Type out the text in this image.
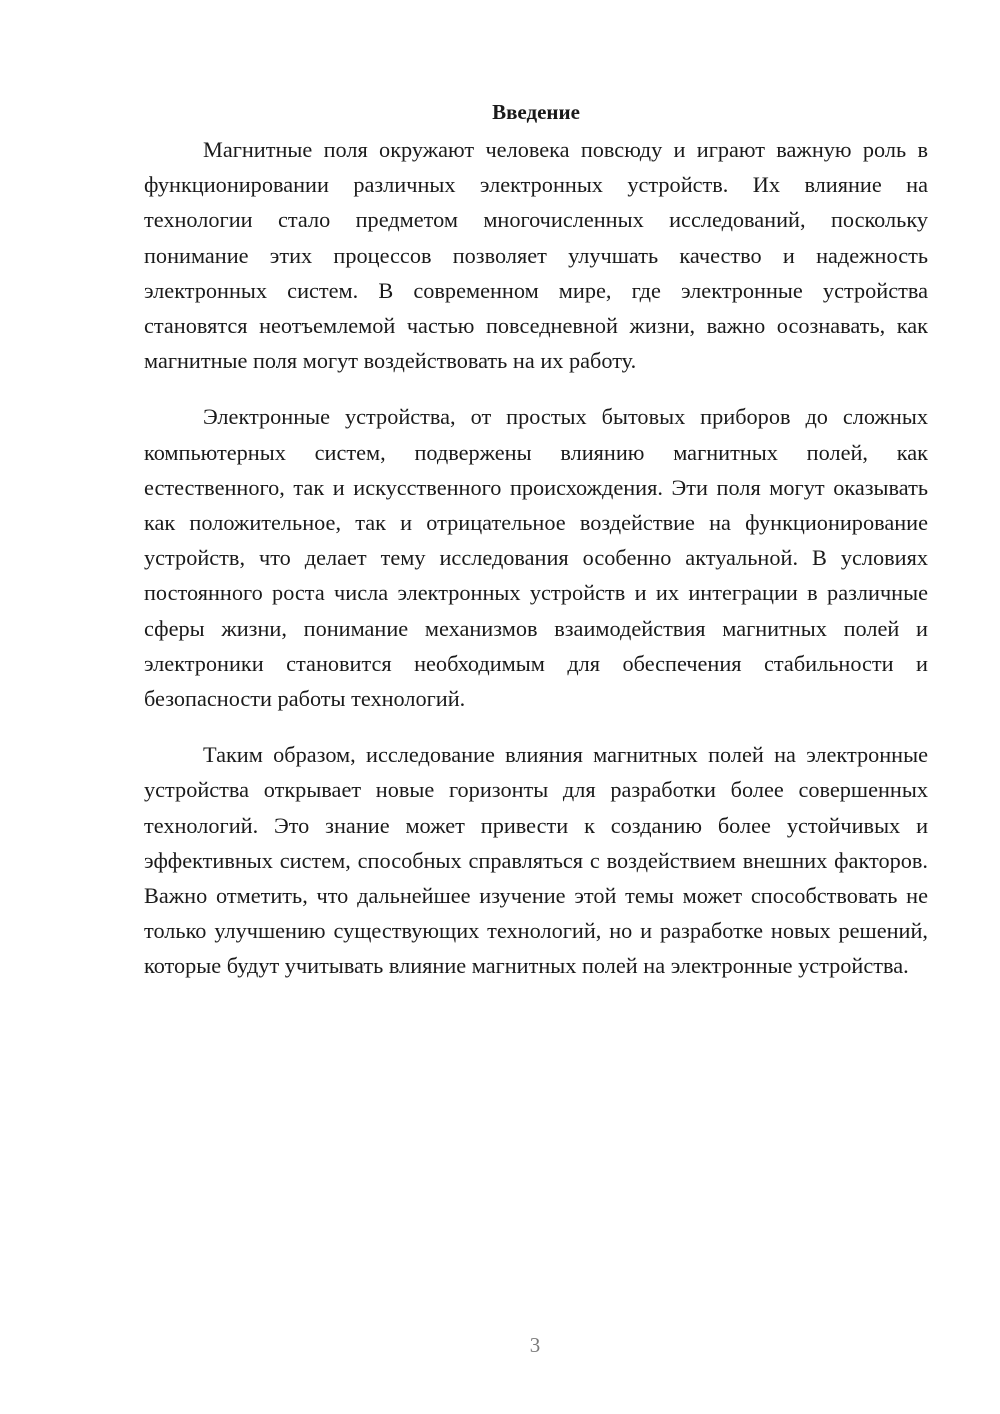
Введение

Магнитные поля окружают человека повсюду и играют важную роль в функционировании различных электронных устройств. Их влияние на технологии стало предметом многочисленных исследований, поскольку понимание этих процессов позволяет улучшать качество и надежность электронных систем. В современном мире, где электронные устройства становятся неотъемлемой частью повседневной жизни, важно осознавать, как магнитные поля могут воздействовать на их работу.

Электронные устройства, от простых бытовых приборов до сложных компьютерных систем, подвержены влиянию магнитных полей, как естественного, так и искусственного происхождения. Эти поля могут оказывать как положительное, так и отрицательное воздействие на функционирование устройств, что делает тему исследования особенно актуальной. В условиях постоянного роста числа электронных устройств и их интеграции в различные сферы жизни, понимание механизмов взаимодействия магнитных полей и электроники становится необходимым для обеспечения стабильности и безопасности работы технологий.

Таким образом, исследование влияния магнитных полей на электронные устройства открывает новые горизонты для разработки более совершенных технологий. Это знание может привести к созданию более устойчивых и эффективных систем, способных справляться с воздействием внешних факторов. Важно отметить, что дальнейшее изучение этой темы может способствовать не только улучшению существующих технологий, но и разработке новых решений, которые будут учитывать влияние магнитных полей на электронные устройства.

3
